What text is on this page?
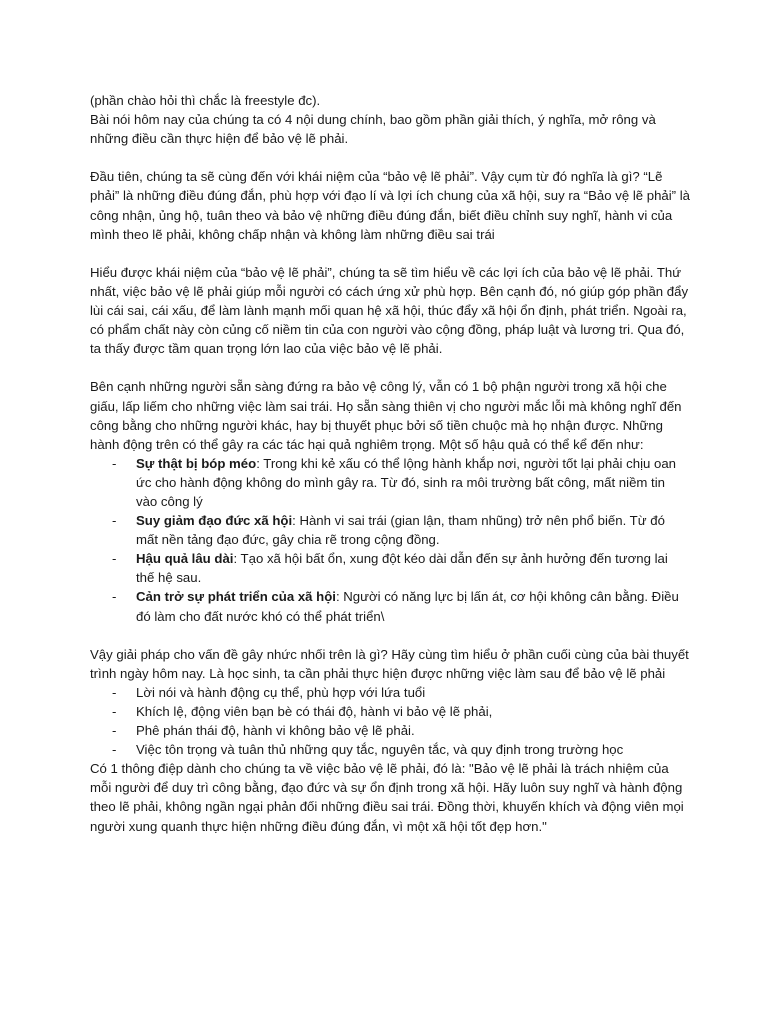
(phần chào hỏi thì chắc là freestyle đc).

Bài nói hôm nay của chúng ta có 4 nội dung chính, bao gồm phần giải thích, ý nghĩa, mở rông và những điều cần thực hiện để bảo vệ lẽ phải.

Đầu tiên, chúng ta sẽ cùng đến với khái niệm của “bảo vệ lẽ phải”. Vậy cụm từ đó nghĩa là gì? “Lẽ phải” là những điều đúng đắn, phù hợp với đạo lí và lợi ích chung của xã hội, suy ra “Bảo vệ lẽ phải” là công nhận, ủng hộ, tuân theo và bảo vệ những điều đúng đắn, biết điều chỉnh suy nghĩ, hành vi của mình theo lẽ phải, không chấp nhận và không làm những điều sai trái

Hiểu được khái niệm của “bảo vệ lẽ phải”, chúng ta sẽ tìm hiểu về các lợi ích của bảo vệ lẽ phải. Thứ nhất, việc bảo vệ lẽ phải giúp mỗi người có cách ứng xử phù hợp. Bên cạnh đó, nó giúp góp phần đẩy lùi cái sai, cái xấu, để làm lành mạnh mối quan hệ xã hội, thúc đẩy xã hội ổn định, phát triển. Ngoài ra, có phẩm chất này còn củng cố niềm tin của con người vào cộng đồng, pháp luật và lương tri. Qua đó, ta thấy được tầm quan trọng lớn lao của việc bảo vệ lẽ phải.

Bên cạnh những người sẵn sàng đứng ra bảo vệ công lý, vẫn có 1 bộ phận người trong xã hội che giấu, lấp liếm cho những việc làm sai trái. Họ sẵn sàng thiên vị cho người mắc lỗi mà không nghĩ đến công bằng cho những người khác, hay bị thuyết phục bởi số tiền chuộc mà họ nhận được. Những hành động trên có thể gây ra các tác hại quả nghiêm trọng. Một số hậu quả có thể kể đến như:

- Sự thật bị bóp méo: Trong khi kẻ xấu có thể lộng hành khắp nơi, người tốt lại phải chịu oan ức cho hành động không do mình gây ra. Từ đó, sinh ra môi trường bất công, mất niềm tin vào công lý
- Suy giảm đạo đức xã hội: Hành vi sai trái (gian lận, tham nhũng) trở nên phổ biến. Từ đó mất nền tảng đạo đức, gây chia rẽ trong cộng đồng.
- Hậu quả lâu dài: Tạo xã hội bất ổn, xung đột kéo dài dẫn đến sự ảnh hưởng đến tương lai thế hệ sau.
- Cản trở sự phát triển của xã hội: Người có năng lực bị lấn át, cơ hội không cân bằng. Điều đó làm cho đất nước khó có thể phát triển\

Vậy giải pháp cho vấn đề gây nhức nhối trên là gì? Hãy cùng tìm hiểu ở phần cuối cùng của bài thuyết trình ngày hôm nay. Là học sinh, ta cần phải thực hiện được những việc làm sau để bảo vệ lẽ phải

- Lời nói và hành động cụ thể, phù hợp với lứa tuổi
- Khích lệ, động viên bạn bè có thái độ, hành vi bảo vệ lẽ phải,
- Phê phán thái độ, hành vi không bảo vệ lẽ phải.
- Việc tôn trọng và tuân thủ những quy tắc, nguyên tắc, và quy định trong trường học

Có 1 thông điệp dành cho chúng ta về việc bảo vệ lẽ phải, đó là: "Bảo vệ lẽ phải là trách nhiệm của mỗi người để duy trì công bằng, đạo đức và sự ổn định trong xã hội. Hãy luôn suy nghĩ và hành động theo lẽ phải, không ngần ngại phản đối những điều sai trái. Đồng thời, khuyến khích và động viên mọi người xung quanh thực hiện những điều đúng đắn, vì một xã hội tốt đẹp hơn."
